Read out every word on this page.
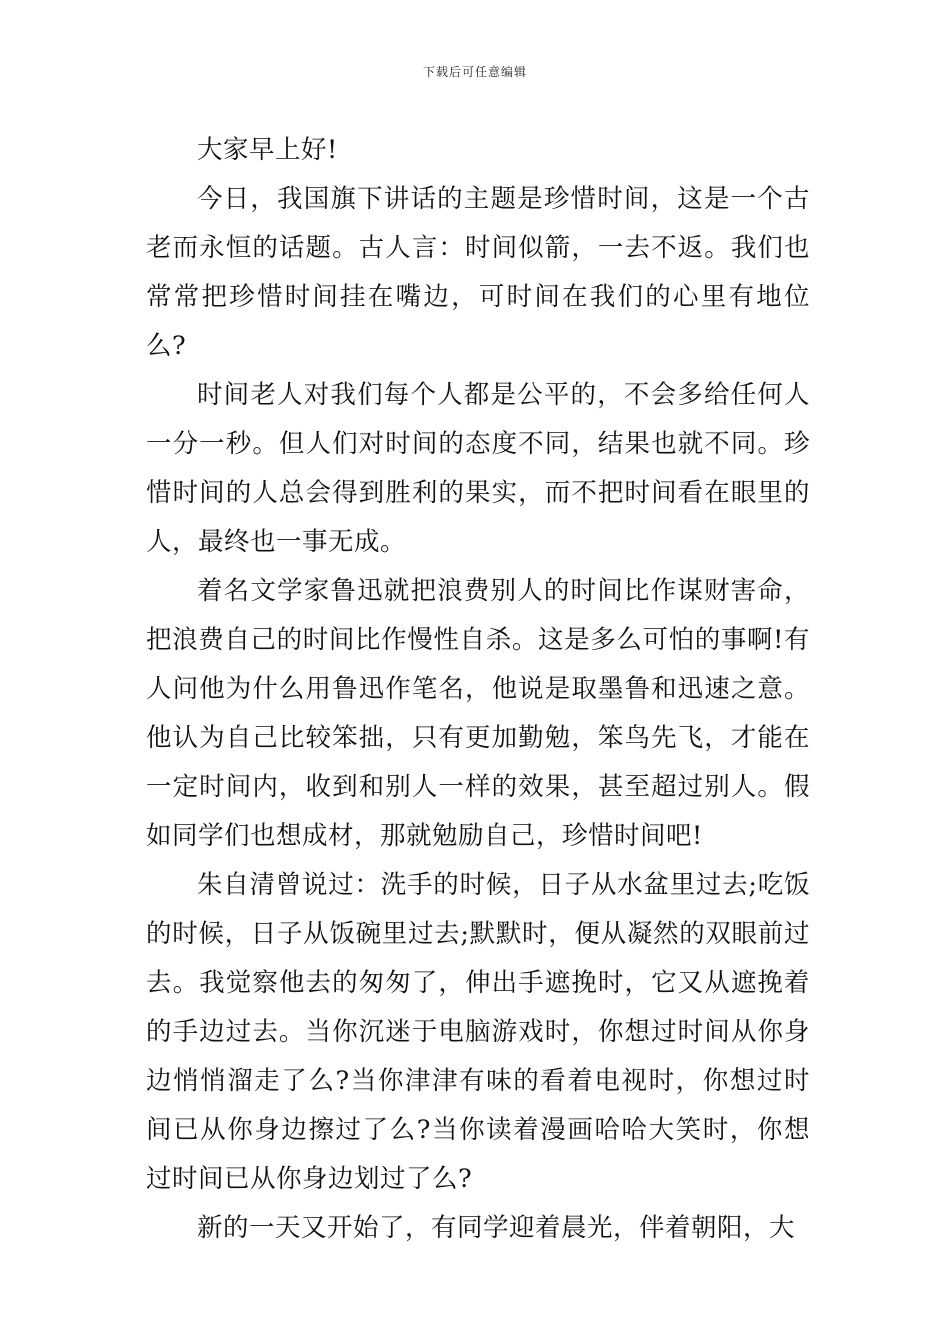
下载后可任意编辑

大家早上好!

今日，我国旗下讲话的主题是珍惜时间，这是一个古老而永恒的话题。古人言：时间似箭，一去不返。我们也常常把珍惜时间挂在嘴边，可时间在我们的心里有地位么?

时间老人对我们每个人都是公平的，不会多给任何人一分一秒。但人们对时间的态度不同，结果也就不同。珍惜时间的人总会得到胜利的果实，而不把时间看在眼里的人，最终也一事无成。

着名文学家鲁迅就把浪费别人的时间比作谋财害命，把浪费自己的时间比作慢性自杀。这是多么可怕的事啊!有人问他为什么用鲁迅作笔名，他说是取墨鲁和迅速之意。他认为自己比较笨拙，只有更加勤勉，笨鸟先飞，才能在一定时间内，收到和别人一样的效果，甚至超过别人。假如同学们也想成材，那就勉励自己，珍惜时间吧!

朱自清曾说过：洗手的时候，日子从水盆里过去;吃饭的时候，日子从饭碗里过去;默默时，便从凝然的双眼前过去。我觉察他去的匆匆了，伸出手遮挽时，它又从遮挽着的手边过去。当你沉迷于电脑游戏时，你想过时间从你身边悄悄溜走了么?当你津津有味的看着电视时，你想过时间已从你身边擦过了么?当你读着漫画哈哈大笑时，你想过时间已从你身边划过了么?

新的一天又开始了，有同学迎着晨光，伴着朝阳，大
